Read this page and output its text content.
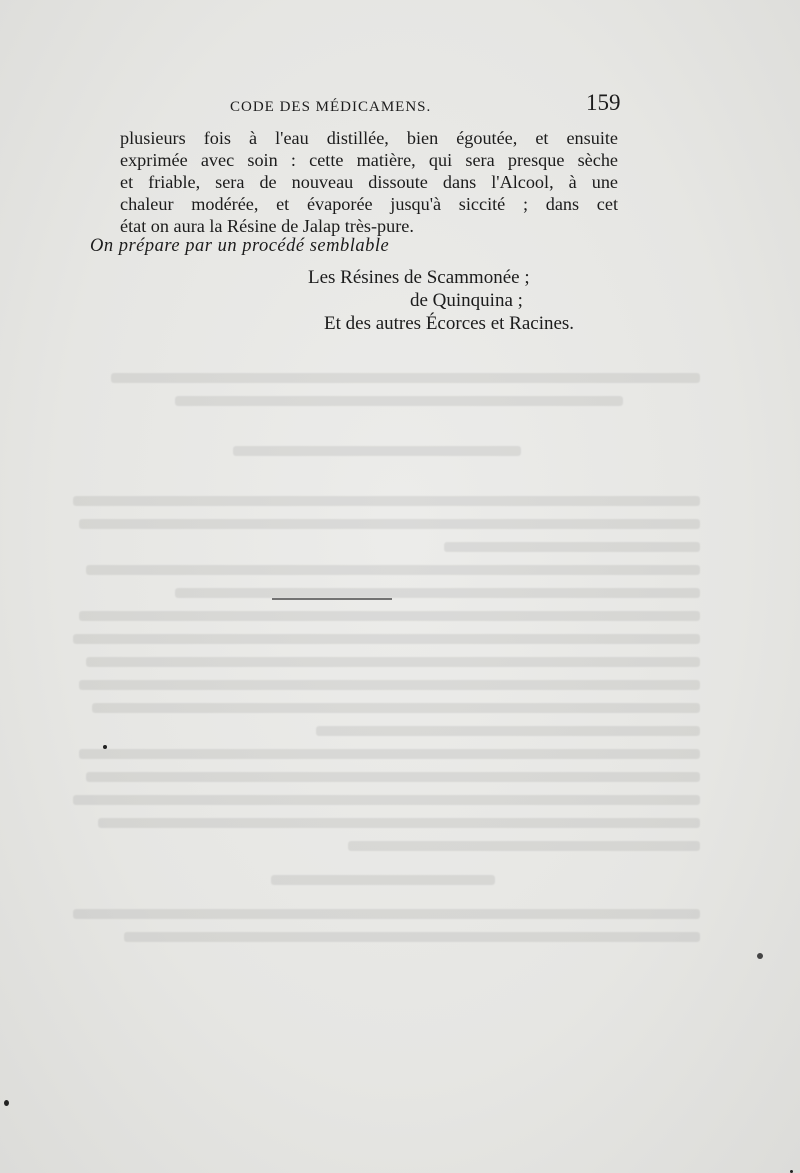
CODE DES MÉDICAMENS.	159
plusieurs fois à l'eau distillée, bien égoutée, et ensuite
exprimée avec soin : cette matière, qui sera presque sèche
et friable, sera de nouveau dissoute dans l'Alcool, à une
chaleur modérée, et évaporée jusqu'à siccité ; dans cet
état on aura la Résine de Jalap très-pure.
On prépare par un procédé semblable
Les Résines de Scammonée ;
de Quinquina ;
Et des autres Écorces et Racines.
